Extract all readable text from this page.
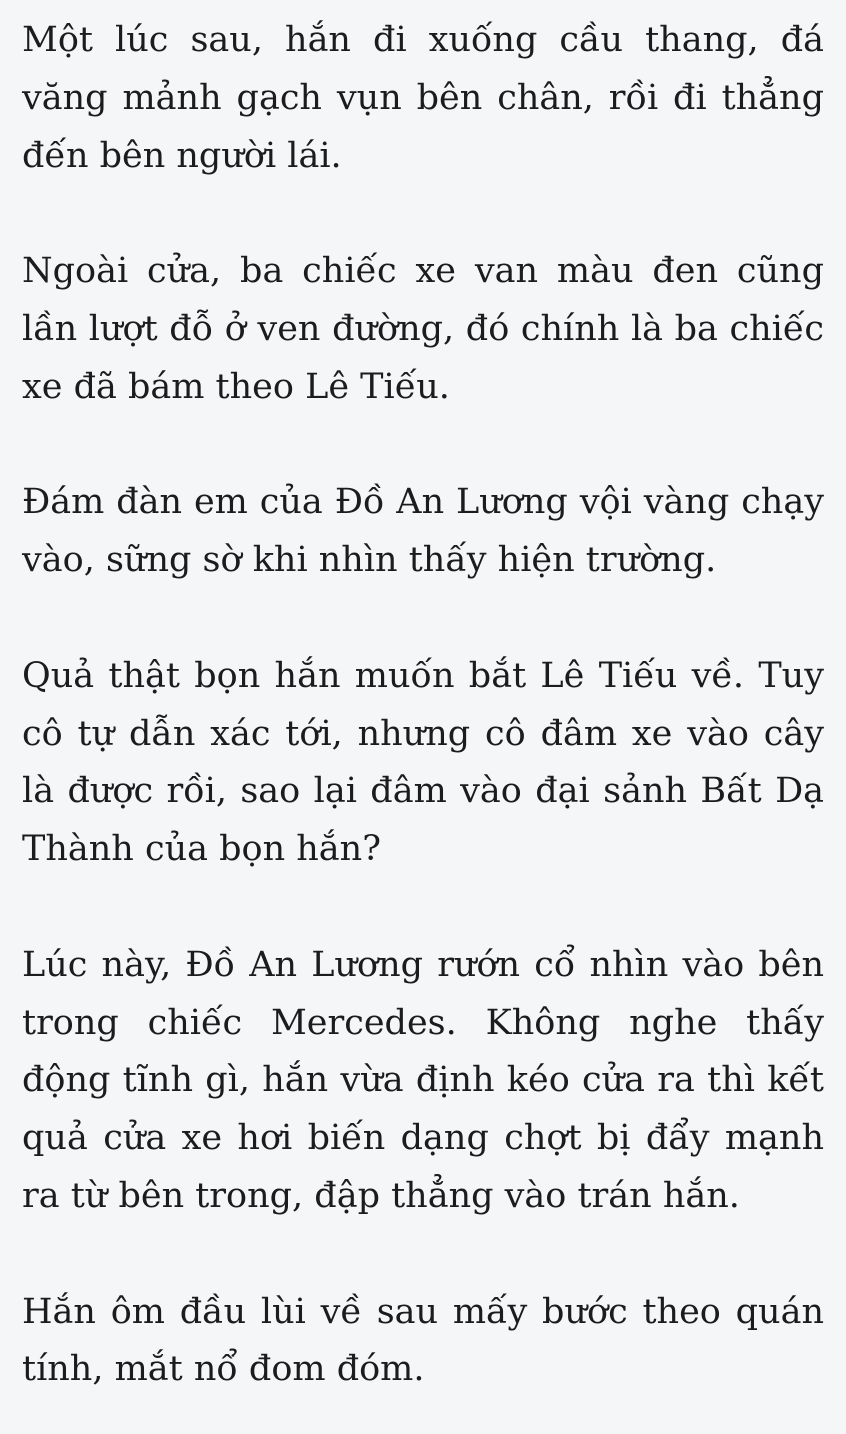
Một lúc sau, hắn đi xuống cầu thang, đá văng mảnh gạch vụn bên chân, rồi đi thẳng đến bên người lái.

Ngoài cửa, ba chiếc xe van màu đen cũng lần lượt đỗ ở ven đường, đó chính là ba chiếc xe đã bám theo Lê Tiếu.

Đám đàn em của Đồ An Lương vội vàng chạy vào, sững sờ khi nhìn thấy hiện trường.

Quả thật bọn hắn muốn bắt Lê Tiếu về. Tuy cô tự dẫn xác tới, nhưng cô đâm xe vào cây là được rồi, sao lại đâm vào đại sảnh Bất Dạ Thành của bọn hắn?

Lúc này, Đồ An Lương rướn cổ nhìn vào bên trong chiếc Mercedes. Không nghe thấy động tĩnh gì, hắn vừa định kéo cửa ra thì kết quả cửa xe hơi biến dạng chợt bị đẩy mạnh ra từ bên trong, đập thẳng vào trán hắn.

Hắn ôm đầu lùi về sau mấy bước theo quán tính, mắt nổ đom đóm.
